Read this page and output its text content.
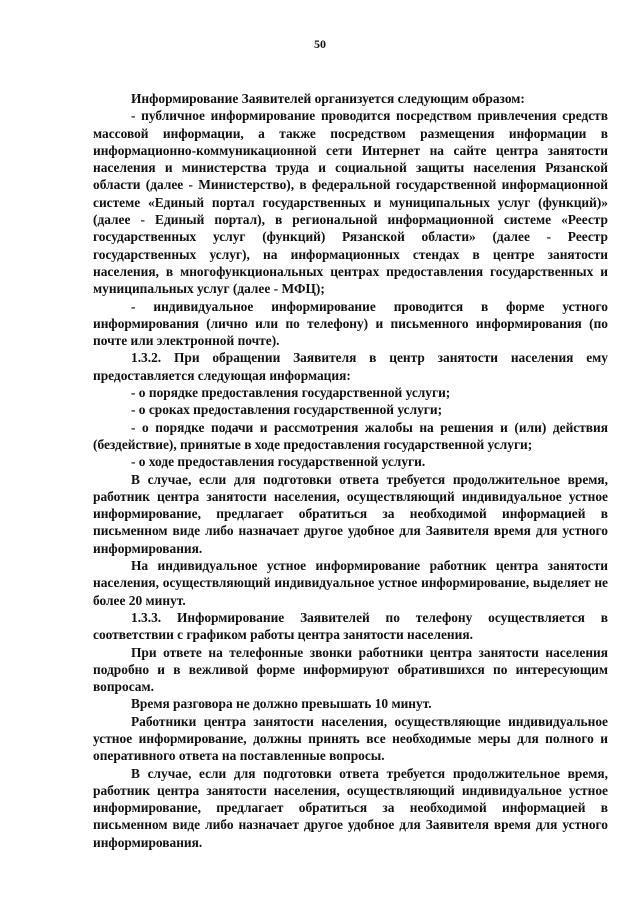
50

Информирование Заявителей организуется следующим образом:

- публичное информирование проводится посредством привлечения средств массовой информации, а также посредством размещения информации в информационно-коммуникационной сети Интернет на сайте центра занятости населения и министерства труда и социальной защиты населения Рязанской области (далее - Министерство), в федеральной государственной информационной системе «Единый портал государственных и муниципальных услуг (функций)» (далее - Единый портал), в региональной информационной системе «Реестр государственных услуг (функций) Рязанской области» (далее - Реестр государственных услуг), на информационных стендах в центре занятости населения, в многофункциональных центрах предоставления государственных и муниципальных услуг (далее - МФЦ);

- индивидуальное информирование проводится в форме устного информирования (лично или по телефону) и письменного информирования (по почте или электронной почте).

1.3.2. При обращении Заявителя в центр занятости населения ему предоставляется следующая информация:

- о порядке предоставления государственной услуги;

- о сроках предоставления государственной услуги;

- о порядке подачи и рассмотрения жалобы на решения и (или) действия (бездействие), принятые в ходе предоставления государственной услуги;

- о ходе предоставления государственной услуги.

В случае, если для подготовки ответа требуется продолжительное время, работник центра занятости населения, осуществляющий индивидуальное устное информирование, предлагает обратиться за необходимой информацией в письменном виде либо назначает другое удобное для Заявителя время для устного информирования.

На индивидуальное устное информирование работник центра занятости населения, осуществляющий индивидуальное устное информирование, выделяет не более 20 минут.

1.3.3. Информирование Заявителей по телефону осуществляется в соответствии с графиком работы центра занятости населения.

При ответе на телефонные звонки работники центра занятости населения подробно и в вежливой форме информируют обратившихся по интересующим вопросам.

Время разговора не должно превышать 10 минут.

Работники центра занятости населения, осуществляющие индивидуальное устное информирование, должны принять все необходимые меры для полного и оперативного ответа на поставленные вопросы.

В случае, если для подготовки ответа требуется продолжительное время, работник центра занятости населения, осуществляющий индивидуальное устное информирование, предлагает обратиться за необходимой информацией в письменном виде либо назначает другое удобное для Заявителя время для устного информирования.
